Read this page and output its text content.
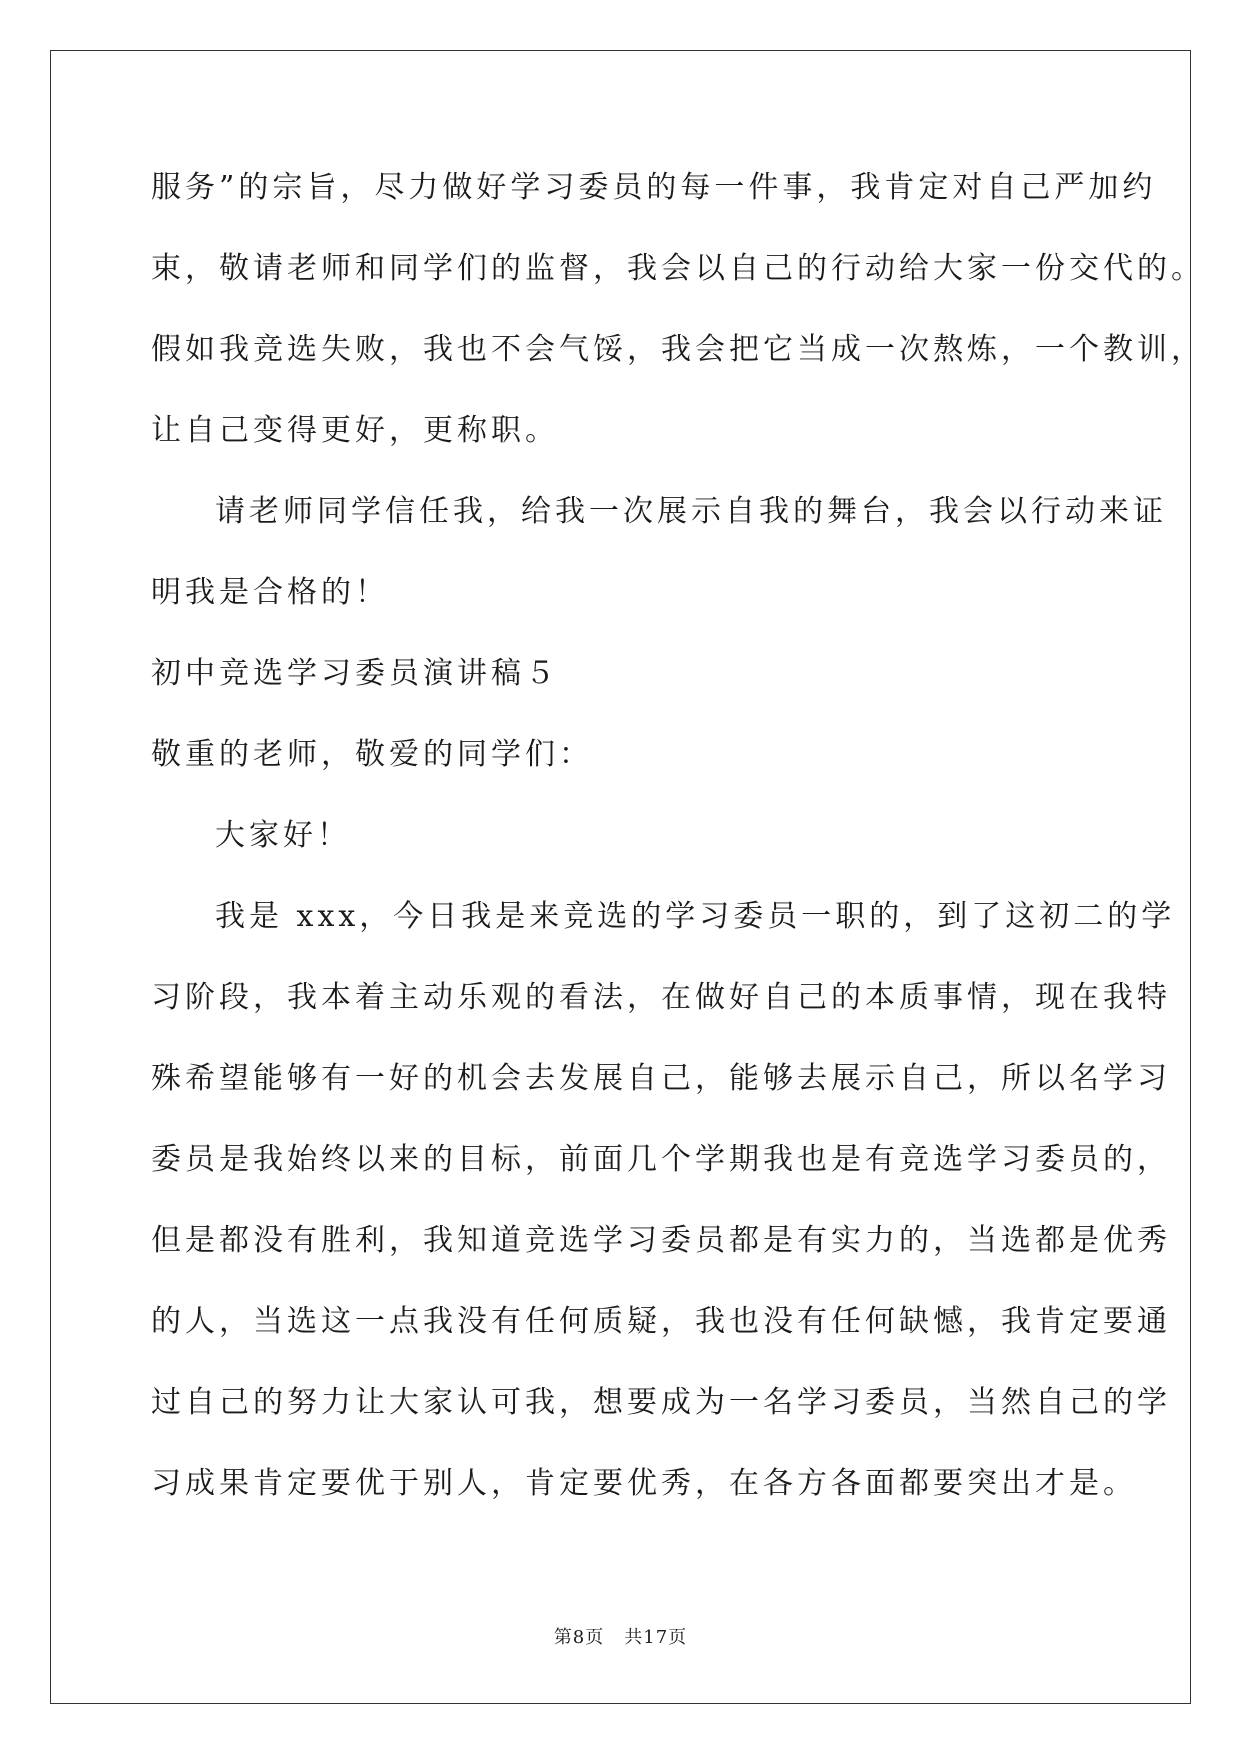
服务”的宗旨，尽力做好学习委员的每一件事，我肯定对自己严加约
束，敬请老师和同学们的监督，我会以自己的行动给大家一份交代的。
假如我竞选失败，我也不会气馁，我会把它当成一次熬炼，一个教训，
让自己变得更好，更称职。
请老师同学信任我，给我一次展示自我的舞台，我会以行动来证
明我是合格的！
初中竞选学习委员演讲稿５
敬重的老师，敬爱的同学们：
大家好！
我是 xxx，今日我是来竞选的学习委员一职的，到了这初二的学
习阶段，我本着主动乐观的看法，在做好自己的本质事情，现在我特
殊希望能够有一好的机会去发展自己，能够去展示自己，所以名学习
委员是我始终以来的目标，前面几个学期我也是有竞选学习委员的，
但是都没有胜利，我知道竞选学习委员都是有实力的，当选都是优秀
的人，当选这一点我没有任何质疑，我也没有任何缺憾，我肯定要通
过自己的努力让大家认可我，想要成为一名学习委员，当然自己的学
习成果肯定要优于别人，肯定要优秀，在各方各面都要突出才是。
第8页 共17页
